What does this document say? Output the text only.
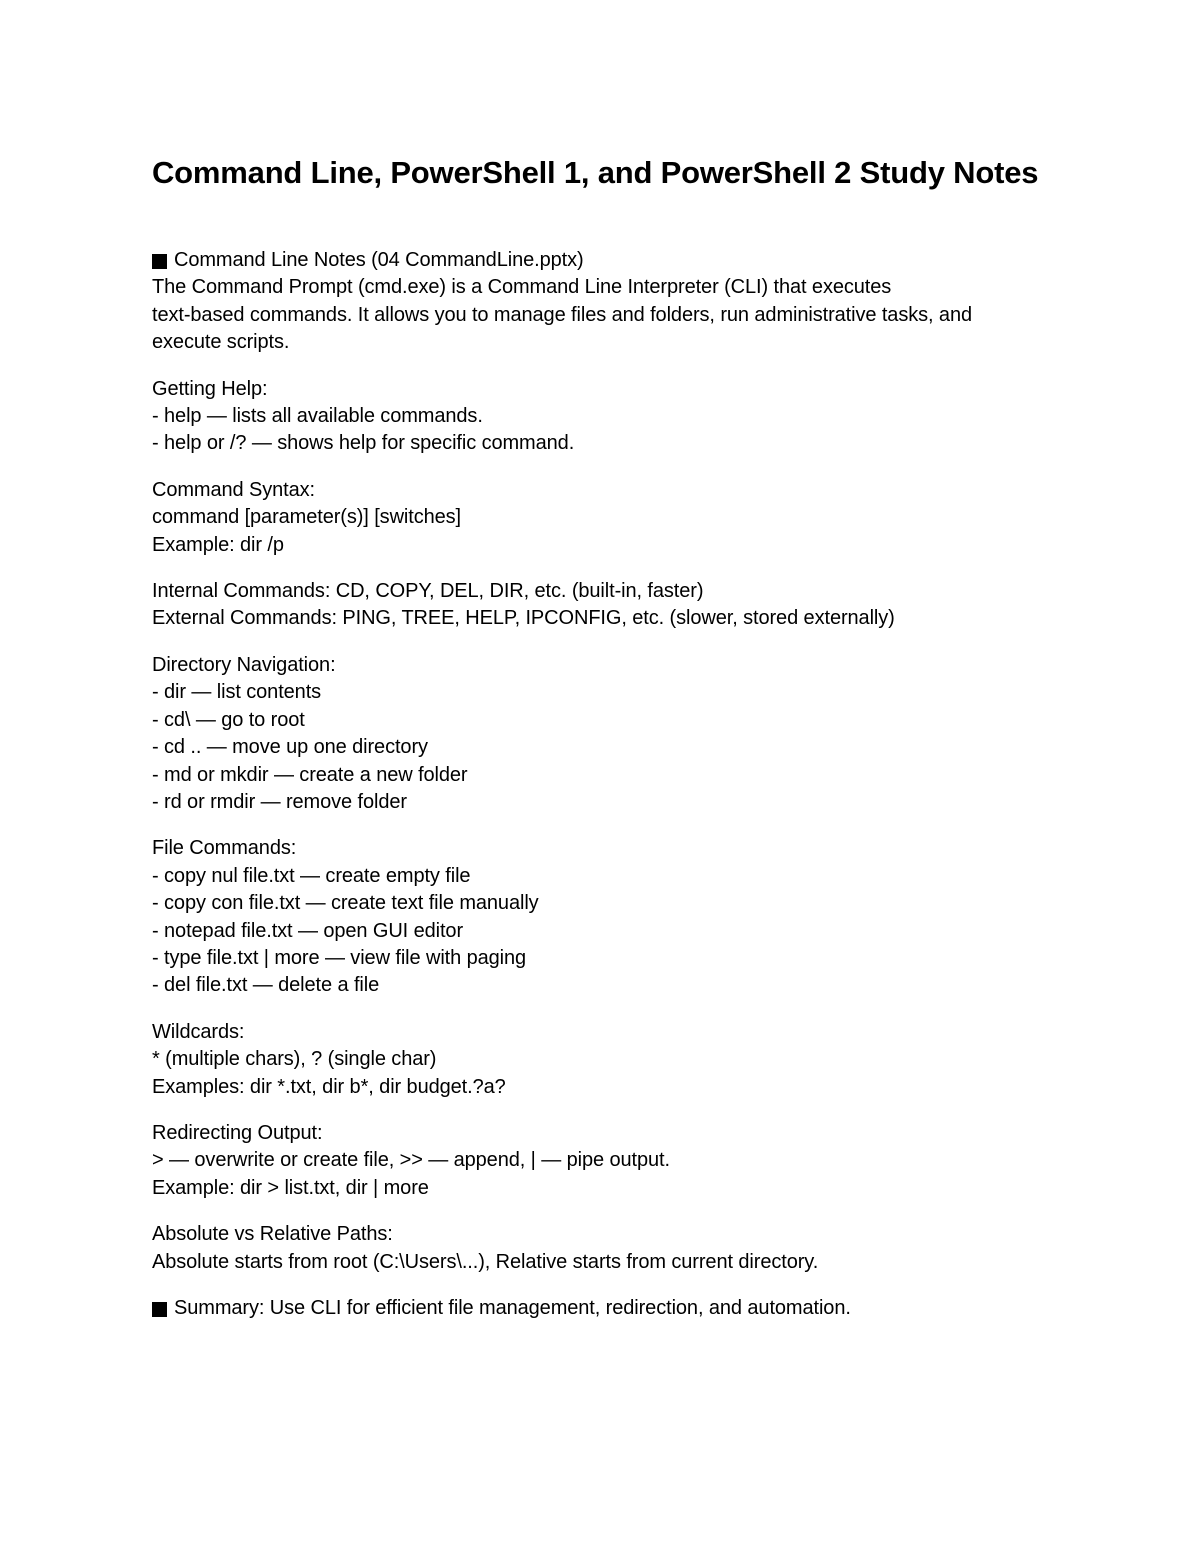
Command Line, PowerShell 1, and PowerShell 2 Study Notes
Command Line Notes (04 CommandLine.pptx)
The Command Prompt (cmd.exe) is a Command Line Interpreter (CLI) that executes
text-based commands. It allows you to manage files and folders, run administrative tasks, and
execute scripts.
Getting Help:
- help — lists all available commands.
- help or /? — shows help for specific command.
Command Syntax:
command [parameter(s)] [switches]
Example: dir /p
Internal Commands: CD, COPY, DEL, DIR, etc. (built-in, faster)
External Commands: PING, TREE, HELP, IPCONFIG, etc. (slower, stored externally)
Directory Navigation:
- dir — list contents
- cd\ — go to root
- cd .. — move up one directory
- md or mkdir — create a new folder
- rd or rmdir — remove folder
File Commands:
- copy nul file.txt — create empty file
- copy con file.txt — create text file manually
- notepad file.txt — open GUI editor
- type file.txt | more — view file with paging
- del file.txt — delete a file
Wildcards:
* (multiple chars), ? (single char)
Examples: dir *.txt, dir b*, dir budget.?a?
Redirecting Output:
> — overwrite or create file, >> — append, | — pipe output.
Example: dir > list.txt, dir | more
Absolute vs Relative Paths:
Absolute starts from root (C:\Users\...), Relative starts from current directory.
Summary: Use CLI for efficient file management, redirection, and automation.
